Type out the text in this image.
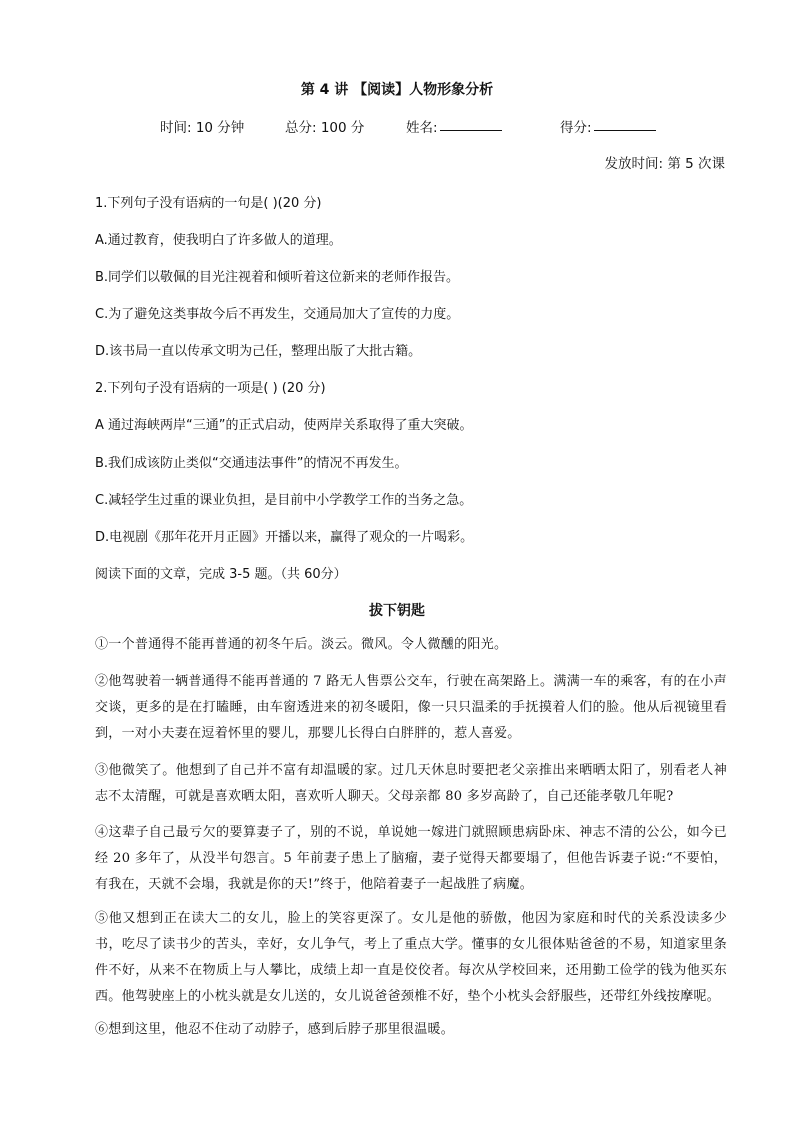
第 4 讲 【阅读】人物形象分析
时间: 10 分钟	总分: 100 分	姓名:	得分:
发放时间: 第 5 次课
1.下列句子没有语病的一句是( )(20 分)
A.通过教育，使我明白了许多做人的道理。
B.同学们以敬佩的目光注视着和倾听着这位新来的老师作报告。
C.为了避免这类事故今后不再发生，交通局加大了宣传的力度。
D.该书局一直以传承文明为己任，整理出版了大批古籍。
2.下列句子没有语病的一项是( ) (20 分)
A 通过海峡两岸“三通”的正式启动，使两岸关系取得了重大突破。
B.我们成该防止类似“交通违法事件”的情况不再发生。
C.减轻学生过重的课业负担，是目前中小学教学工作的当务之急。
D.电视剧《那年花开月正圆》开播以来，赢得了观众的一片喝彩。
阅读下面的文章，完成 3-5 题。（共 60分）
拔下钥匙
①一个普通得不能再普通的初冬午后。淡云。微风。令人微醺的阳光。
②他驾驶着一辆普通得不能再普通的 7 路无人售票公交车，行驶在高架路上。满满一车的乘客，有的在小声交谈，更多的是在打瞌睡，由车窗透进来的初冬暖阳，像一只只温柔的手抚摸着人们的脸。他从后视镜里看到，一对小夫妻在逗着怀里的婴儿，那婴儿长得白白胖胖的，惹人喜爱。
③他微笑了。他想到了自己并不富有却温暖的家。过几天休息时要把老父亲推出来晒晒太阳了，别看老人神志不太清醒，可就是喜欢晒太阳，喜欢听人聊天。父母亲都 80 多岁高龄了，自己还能孝敬几年呢?
④这辈子自己最亏欠的要算妻子了，别的不说，单说她一嫁进门就照顾患病卧床、神志不清的公公，如今已经 20 多年了，从没半句怨言。5 年前妻子患上了脑瘤，妻子觉得天都要塌了，但他告诉妻子说:“不要怕，有我在，天就不会塌，我就是你的天!”终于，他陪着妻子一起战胜了病魔。
⑤他又想到正在读大二的女儿，脸上的笑容更深了。女儿是他的骄傲，他因为家庭和时代的关系没读多少书，吃尽了读书少的苦头，幸好，女儿争气，考上了重点大学。懂事的女儿很体贴爸爸的不易，知道家里条件不好，从来不在物质上与人攀比，成绩上却一直是佼佼者。每次从学校回来，还用勤工俭学的钱为他买东西。他驾驶座上的小枕头就是女儿送的，女儿说爸爸颈椎不好，垫个小枕头会舒服些，还带红外线按摩呢。
⑥想到这里，他忍不住动了动脖子，感到后脖子那里很温暖。
